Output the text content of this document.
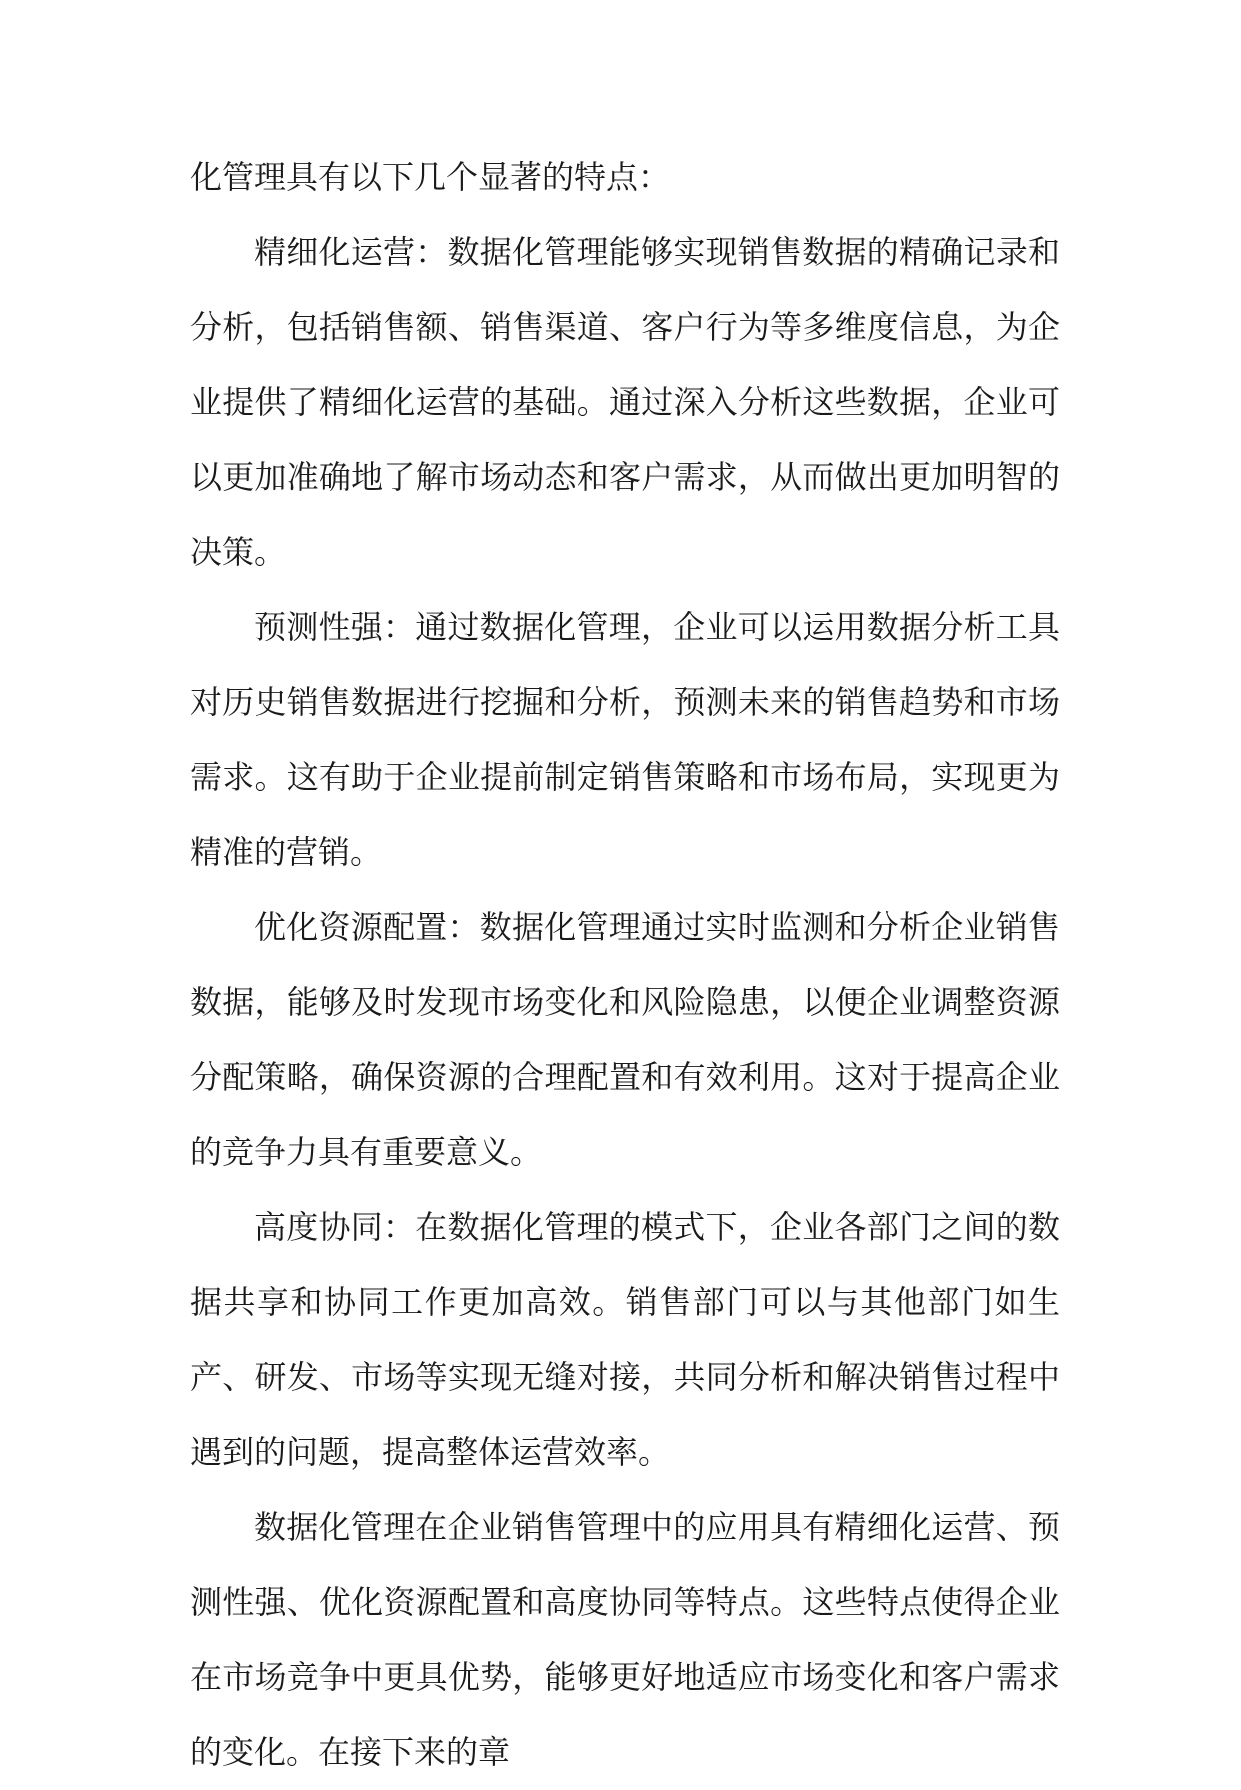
化管理具有以下几个显著的特点：

精细化运营：数据化管理能够实现销售数据的精确记录和分析，包括销售额、销售渠道、客户行为等多维度信息，为企业提供了精细化运营的基础。通过深入分析这些数据，企业可以更加准确地了解市场动态和客户需求，从而做出更加明智的决策。

预测性强：通过数据化管理，企业可以运用数据分析工具对历史销售数据进行挖掘和分析，预测未来的销售趋势和市场需求。这有助于企业提前制定销售策略和市场布局，实现更为精准的营销。

优化资源配置：数据化管理通过实时监测和分析企业销售数据，能够及时发现市场变化和风险隐患，以便企业调整资源分配策略，确保资源的合理配置和有效利用。这对于提高企业的竞争力具有重要意义。

高度协同：在数据化管理的模式下，企业各部门之间的数据共享和协同工作更加高效。销售部门可以与其他部门如生产、研发、市场等实现无缝对接，共同分析和解决销售过程中遇到的问题，提高整体运营效率。

数据化管理在企业销售管理中的应用具有精细化运营、预测性强、优化资源配置和高度协同等特点。这些特点使得企业在市场竞争中更具优势，能够更好地适应市场变化和客户需求的变化。在接下来的章
